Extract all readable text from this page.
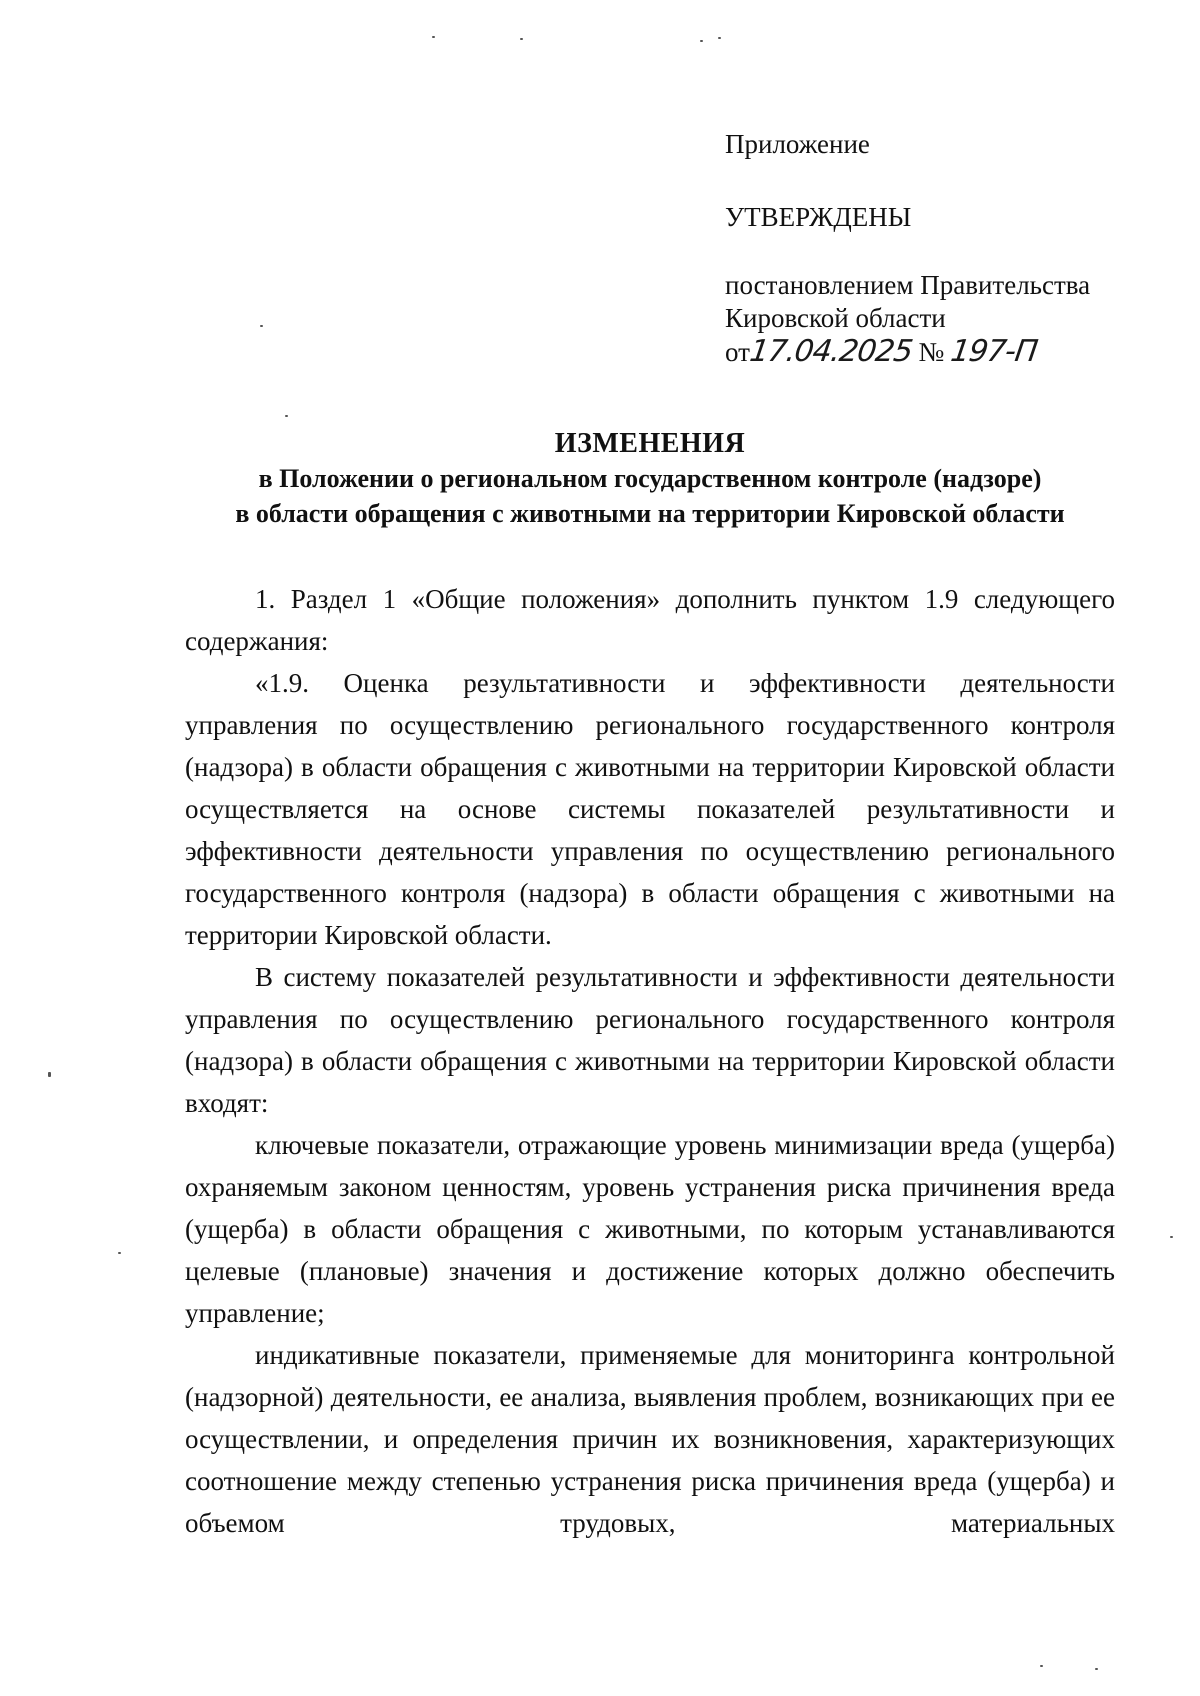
Приложение
УТВЕРЖДЕНЫ
постановлением Правительства
Кировской области
от17.04.2025 № 197-П
ИЗМЕНЕНИЯ
в Положении о региональном государственном контроле (надзоре)
в области обращения с животными на территории Кировской области

1. Раздел 1 «Общие положения» дополнить пунктом 1.9 следующего содержания:

«1.9. Оценка результативности и эффективности деятельности управления по осуществлению регионального государственного контроля (надзора) в области обращения с животными на территории Кировской области осуществляется на основе системы показателей результативности и эффективности деятельности управления по осуществлению регионального государственного контроля (надзора) в области обращения с животными на территории Кировской области.

В систему показателей результативности и эффективности деятельности управления по осуществлению регионального государственного контроля (надзора) в области обращения с животными на территории Кировской области входят:

ключевые показатели, отражающие уровень минимизации вреда (ущерба) охраняемым законом ценностям, уровень устранения риска причинения вреда (ущерба) в области обращения с животными, по которым устанавливаются целевые (плановые) значения и достижение которых должно обеспечить управление;

индикативные показатели, применяемые для мониторинга контрольной (надзорной) деятельности, ее анализа, выявления проблем, возникающих при ее осуществлении, и определения причин их возникновения, характеризующих соотношение между степенью устранения риска причинения вреда (ущерба) и объемом трудовых, материальных
